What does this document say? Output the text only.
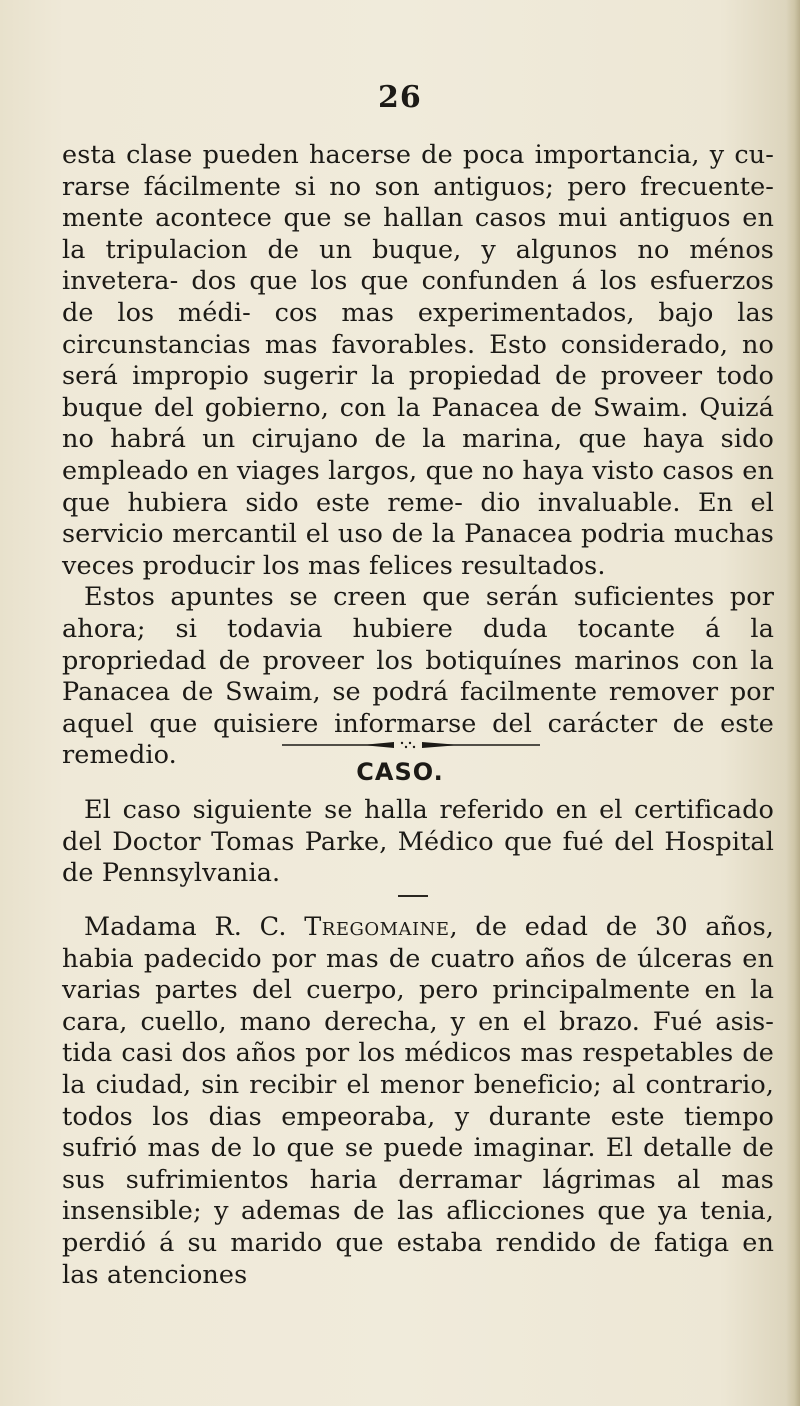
26

esta clase pueden hacerse de poca importancia, y cu- rarse fácilmente si no son antiguos; pero frecuente- mente acontece que se hallan casos mui antiguos en la tripulacion de un buque, y algunos no ménos invetera- dos que los que confunden á los esfuerzos de los médi- cos mas experimentados, bajo las circunstancias mas favorables. Esto considerado, no será impropio sugerir la propiedad de proveer todo buque del gobierno, con la Panacea de Swaim. Quizá no habrá un cirujano de la marina, que haya sido empleado en viages largos, que no haya visto casos en que hubiera sido este reme- dio invaluable. En el servicio mercantil el uso de la Panacea podria muchas veces producir los mas felices resultados.

Estos apuntes se creen que serán suficientes por ahora; si todavia hubiere duda tocante á la propriedad de proveer los botiquínes marinos con la Panacea de Swaim, se podrá facilmente remover por aquel que quisiere informarse del carácter de este remedio.

CASO.

El caso siguiente se halla referido en el certificado del Doctor Tomas Parke, Médico que fué del Hospital de Pennsylvania.

Madama R. C. Tregomaine, de edad de 30 años, habia padecido por mas de cuatro años de úlceras en varias partes del cuerpo, pero principalmente en la cara, cuello, mano derecha, y en el brazo. Fué asis- tida casi dos años por los médicos mas respetables de la ciudad, sin recibir el menor beneficio; al contrario, todos los dias empeoraba, y durante este tiempo sufrió mas de lo que se puede imaginar. El detalle de sus sufrimientos haria derramar lágrimas al mas insensible; y ademas de las aflicciones que ya tenia, perdió á su marido que estaba rendido de fatiga en las atenciones
